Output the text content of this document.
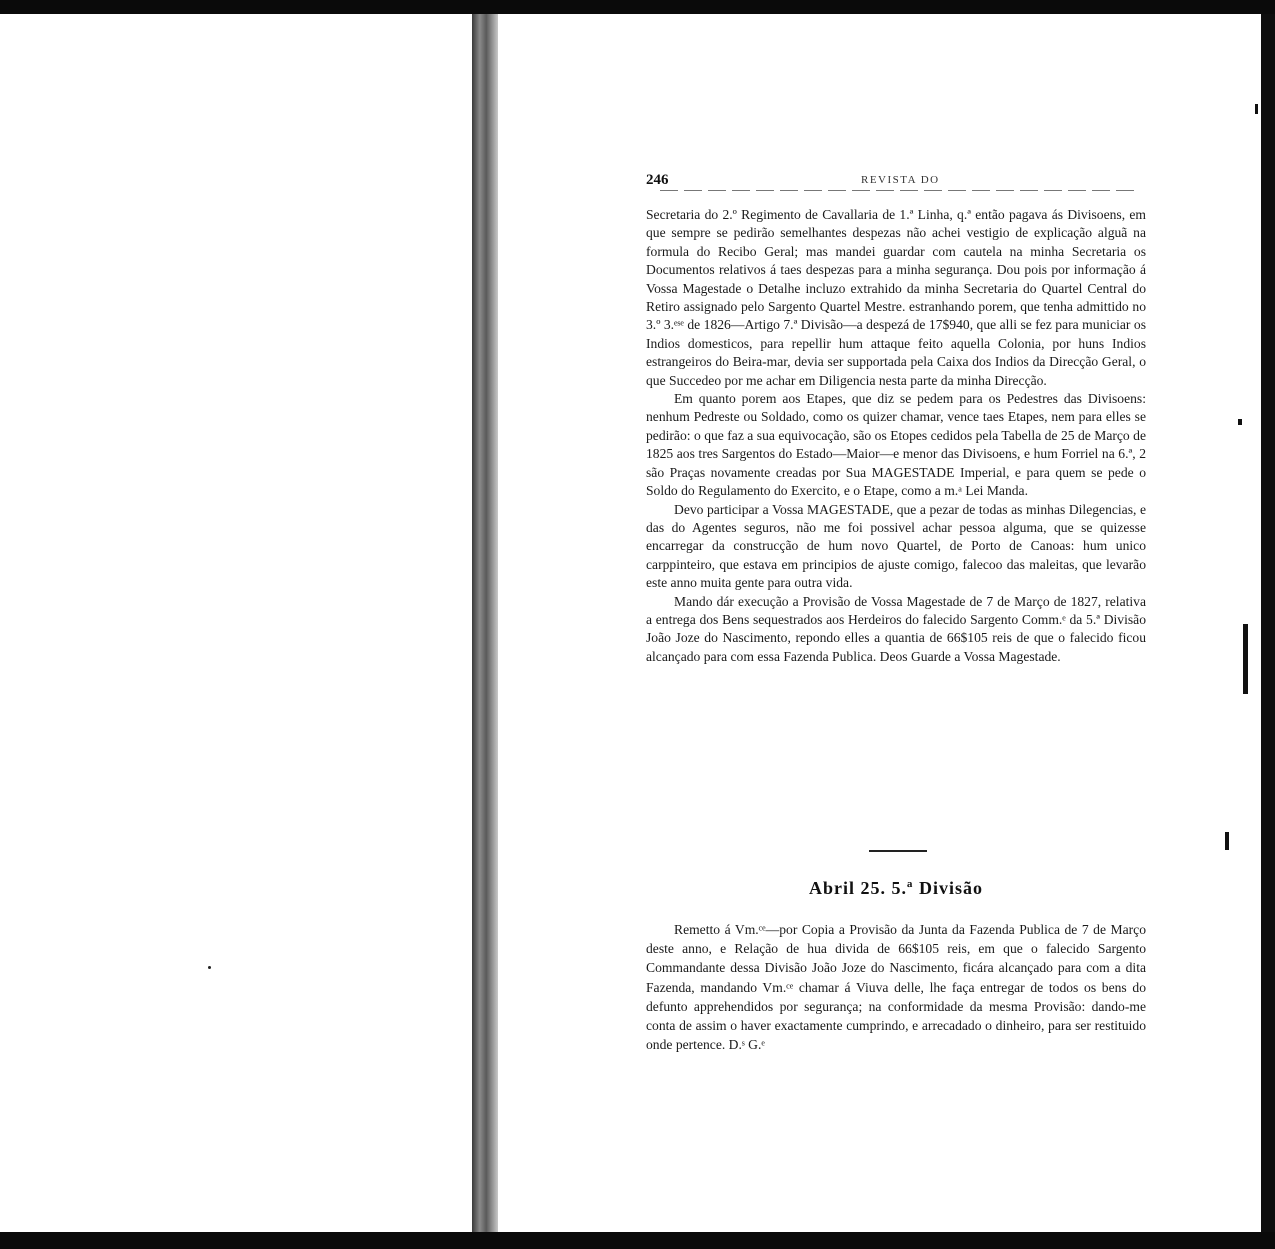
246	REVISTA DO

Secretaria do 2.º Regimento de Cavallaria de 1.ª Linha, q.ª então pagava ás Divisoens, em que sempre se pedirão semelhantes despezas não achei vestigio de explicação alguã na formula do Recibo Geral; mas mandei guardar com cautela na minha Secretaria os Documentos relativos á taes despezas para a minha segurança. Dou pois por informação á Vossa Magestade o Detalhe incluzo extrahido da minha Secretaria do Quartel Central do Retiro assignado pelo Sargento Quartel Mestre. estranhando porem, que tenha admittido no 3.º 3.ᵉˢᵉ de 1826—Artigo 7.ª Divisão—a despezá de 17$940, que alli se fez para municiar os Indios domesticos, para repellir hum attaque feito aquella Colonia, por huns Indios estrangeiros do Beira-mar, devia ser supportada pela Caixa dos Indios da Direcção Geral, o que Succedeo por me achar em Diligencia nesta parte da minha Direcção.

Em quanto porem aos Etapes, que diz se pedem para os Pedestres das Divisoens: nenhum Pedreste ou Soldado, como os quizer chamar, vence taes Etapes, nem para elles se pedirão: o que faz a sua equivocação, são os Etopes cedidos pela Tabella de 25 de Março de 1825 aos tres Sargentos do Estado—Maior—e menor das Divisoens, e hum Forriel na 6.ª, 2 são Praças novamente creadas por Sua MAGESTADE Imperial, e para quem se pede o Soldo do Regulamento do Exercito, e o Etape, como a m.ᵃ Lei Manda.

Devo participar a Vossa MAGESTADE, que a pezar de todas as minhas Dilegencias, e das do Agentes seguros, não me foi possivel achar pessoa alguma, que se quizesse encarregar da construcção de hum novo Quartel, de Porto de Canoas: hum unico carppinteiro, que estava em principios de ajuste comigo, falecoo das maleitas, que levarão este anno muita gente para outra vida.

Mando dár execução a Provisão de Vossa Magestade de 7 de Março de 1827, relativa a entrega dos Bens sequestrados aos Herdeiros do falecido Sargento Comm.ᵉ da 5.ª Divisão João Joze do Nascimento, repondo elles a quantia de 66$105 reis de que o falecido ficou alcançado para com essa Fazenda Publica. Deos Guarde a Vossa Magestade.

Abril 25. 5.ª Divisão

Remetto á Vm.ᶜᵉ—por Copia a Provisão da Junta da Fazenda Publica de 7 de Março deste anno, e Relação de hua divida de 66$105 reis, em que o falecido Sargento Commandante dessa Divisão João Joze do Nascimento, ficára alcançado para com a dita Fazenda, mandando Vm.ᶜᵉ chamar á Viuva delle, lhe faça entregar de todos os bens do defunto apprehendidos por segurança; na conformidade da mesma Provisão: dando-me conta de assim o haver exactamente cumprindo, e arrecadado o dinheiro, para ser restituido onde pertence. D.ˢ G.ᵉ
